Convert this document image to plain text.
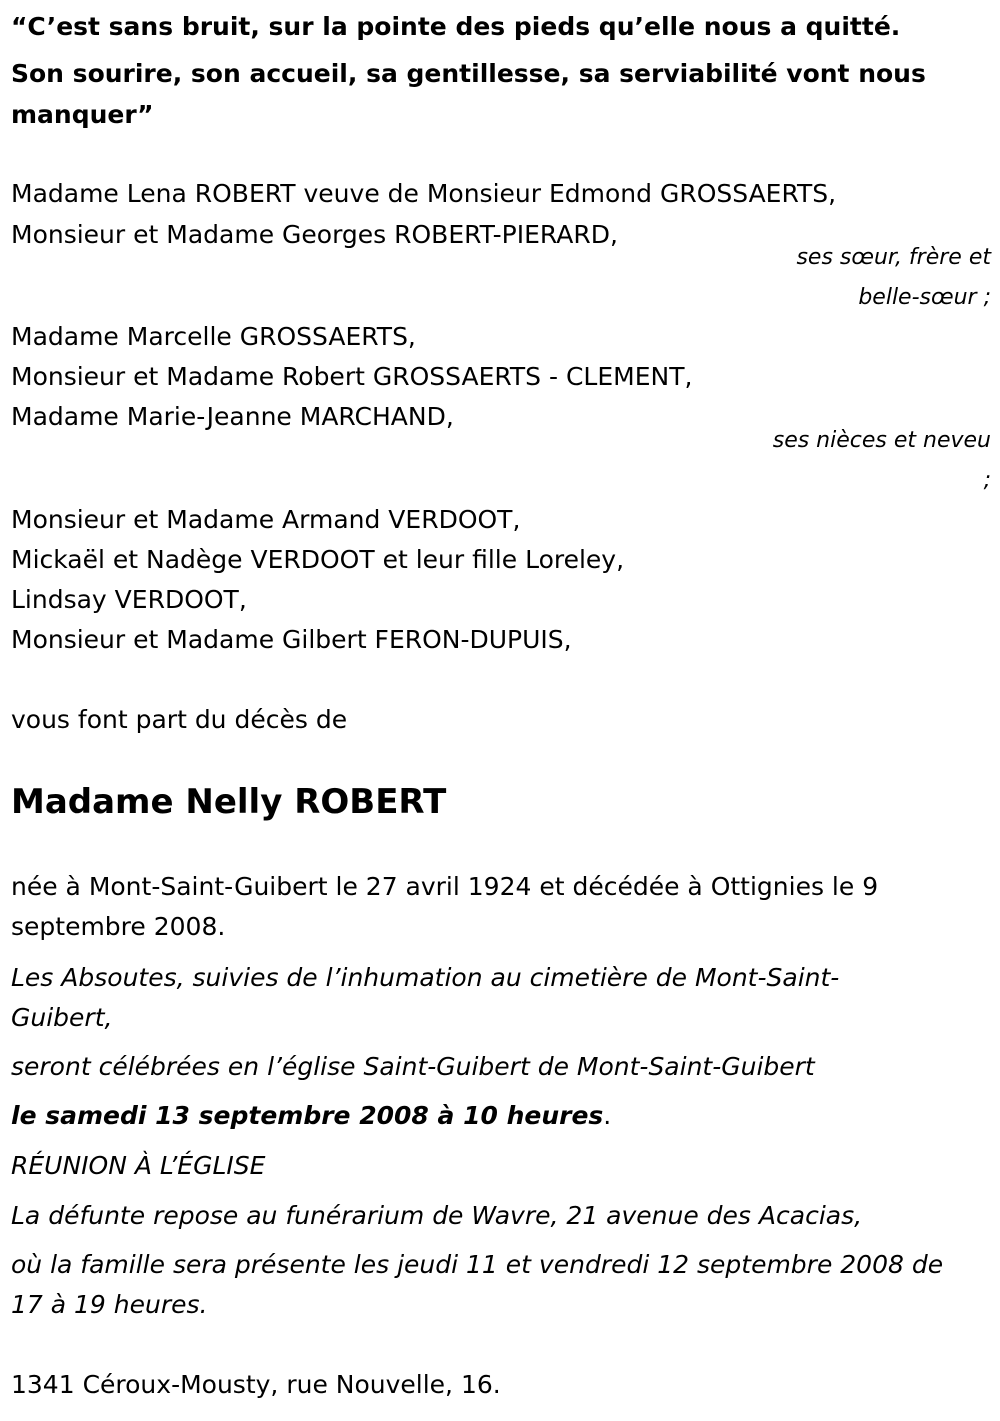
“C’est sans bruit, sur la pointe des pieds qu’elle nous a quitté.
Son sourire, son accueil, sa gentillesse, sa serviabilité vont nous
manquer”
Madame Lena ROBERT veuve de Monsieur Edmond GROSSAERTS,
Monsieur et Madame Georges ROBERT-PIERARD,
ses sœur, frère et
belle-sœur ;
Madame Marcelle GROSSAERTS,
Monsieur et Madame Robert GROSSAERTS - CLEMENT,
Madame Marie-Jeanne MARCHAND,
ses nièces et neveu
;
Monsieur et Madame Armand VERDOOT,
Mickaël et Nadège VERDOOT et leur fille Loreley,
Lindsay VERDOOT,
Monsieur et Madame Gilbert FERON-DUPUIS,
vous font part du décès de
Madame Nelly ROBERT
née à Mont-Saint-Guibert le 27 avril 1924 et décédée à Ottignies le 9
septembre 2008.
Les Absoutes, suivies de l’inhumation au cimetière de Mont-Saint-
Guibert,
seront célébrées en l’église Saint-Guibert de Mont-Saint-Guibert
le samedi 13 septembre 2008 à 10 heures.
RÉUNION À L’ÉGLISE
La défunte repose au funérarium de Wavre, 21 avenue des Acacias,
où la famille sera présente les jeudi 11 et vendredi 12 septembre 2008 de
17 à 19 heures.
1341 Céroux-Mousty, rue Nouvelle, 16.
